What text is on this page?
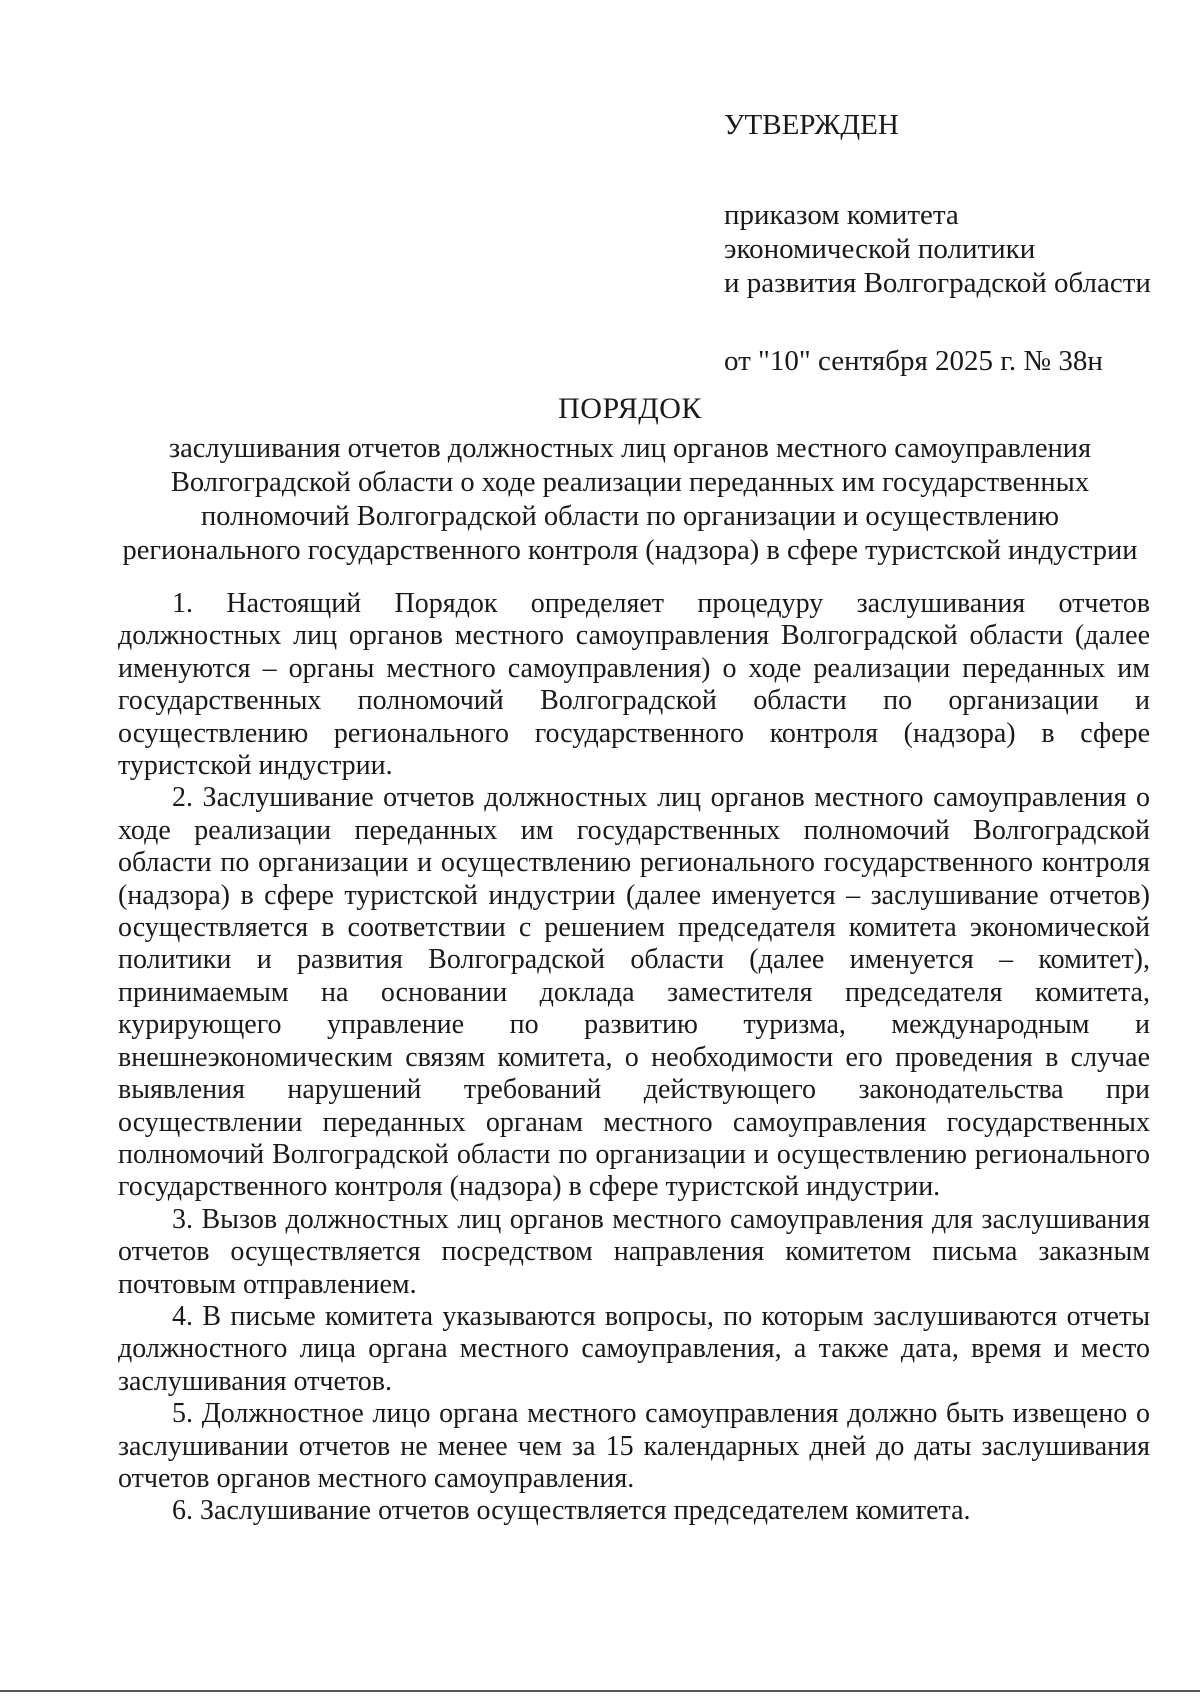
УТВЕРЖДЕН
приказом комитета
экономической политики
и развития Волгоградской области
от "10" сентября 2025 г. № 38н
ПОРЯДОК
заслушивания отчетов должностных лиц органов местного самоуправления
Волгоградской области о ходе реализации переданных им государственных
полномочий Волгоградской области по организации и осуществлению
регионального государственного контроля (надзора) в сфере туристской индустрии

1. Настоящий Порядок определяет процедуру заслушивания отчетов должностных лиц органов местного самоуправления Волгоградской области (далее именуются – органы местного самоуправления) о ходе реализации переданных им государственных полномочий Волгоградской области по организации и осуществлению регионального государственного контроля (надзора) в сфере туристской индустрии.

2. Заслушивание отчетов должностных лиц органов местного самоуправления о ходе реализации переданных им государственных полномочий Волгоградской области по организации и осуществлению регионального государственного контроля (надзора) в сфере туристской индустрии (далее именуется – заслушивание отчетов) осуществляется в соответствии с решением председателя комитета экономической политики и развития Волгоградской области (далее именуется – комитет), принимаемым на основании доклада заместителя председателя комитета, курирующего управление по развитию туризма, международным и внешнеэкономическим связям комитета, о необходимости его проведения в случае выявления нарушений требований действующего законодательства при осуществлении переданных органам местного самоуправления государственных полномочий Волгоградской области по организации и осуществлению регионального государственного контроля (надзора) в сфере туристской индустрии.

3. Вызов должностных лиц органов местного самоуправления для заслушивания отчетов осуществляется посредством направления комитетом письма заказным почтовым отправлением.

4. В письме комитета указываются вопросы, по которым заслушиваются отчеты должностного лица органа местного самоуправления, а также дата, время и место заслушивания отчетов.

5. Должностное лицо органа местного самоуправления должно быть извещено о заслушивании отчетов не менее чем за 15 календарных дней до даты заслушивания отчетов органов местного самоуправления.

6. Заслушивание отчетов осуществляется председателем комитета.
